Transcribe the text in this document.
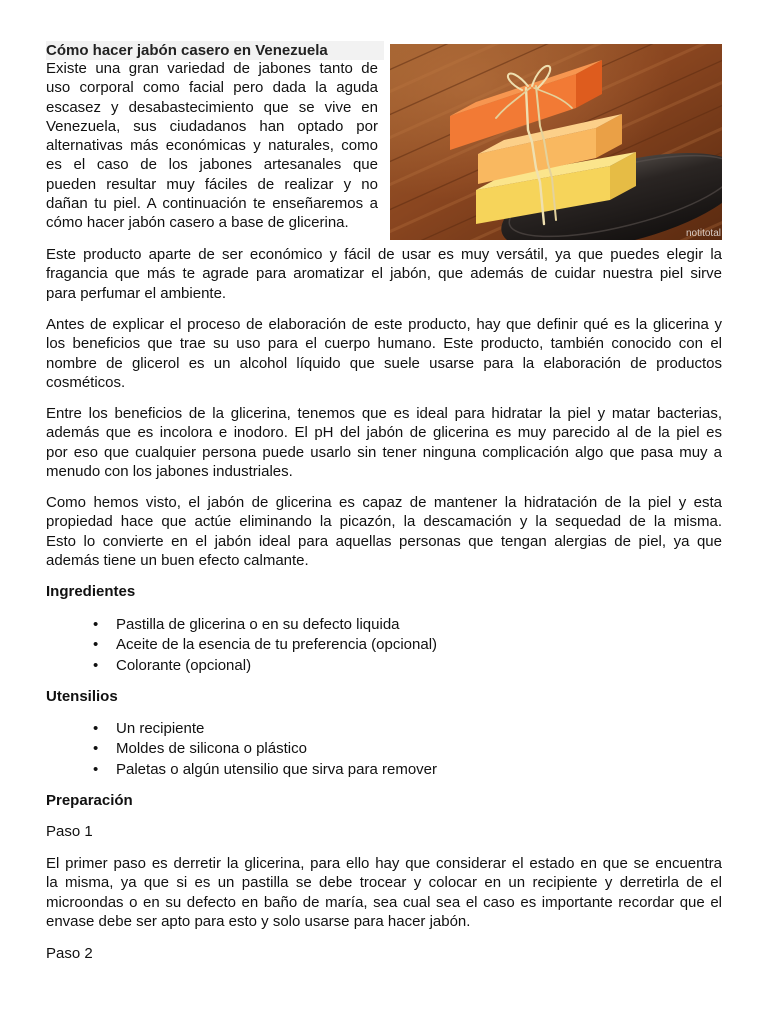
Cómo hacer jabón casero en Venezuela
Existe una gran variedad de jabones tanto de
uso corporal como facial pero dada la aguda
escasez y desabastecimiento que se vive en
Venezuela, sus ciudadanos han optado por
alternativas más económicas y naturales, como
es el caso de los jabones artesanales que
pueden resultar muy fáciles de realizar y no
dañan tu piel. A continuación te enseñaremos a
cómo hacer jabón casero a base de glicerina.
notitotal
Este producto aparte de ser económico y fácil de usar es muy versátil, ya que puedes elegir la
fragancia que más te agrade para aromatizar el jabón, que además de cuidar nuestra piel sirve
para perfumar el ambiente.
Antes de explicar el proceso de elaboración de este producto, hay que definir qué es la glicerina y
los beneficios que trae su uso para el cuerpo humano. Este producto, también conocido con el
nombre de glicerol es un alcohol líquido que suele usarse para la elaboración de productos
cosméticos.
Entre los beneficios de la glicerina, tenemos que es ideal para hidratar la piel y matar bacterias,
además que es incolora e inodoro. El pH del jabón de glicerina es muy parecido al de la piel es
por eso que cualquier persona puede usarlo sin tener ninguna complicación algo que pasa muy a
menudo con los jabones industriales.
Como hemos visto, el jabón de glicerina es capaz de mantener la hidratación de la piel y esta
propiedad hace que actúe eliminando la picazón, la descamación y la sequedad de la misma.
Esto lo convierte en el jabón ideal para aquellas personas que tengan alergias de piel, ya que
además tiene un buen efecto calmante.
Ingredientes
• Pastilla de glicerina o en su defecto liquida
• Aceite de la esencia de tu preferencia (opcional)
• Colorante (opcional)
Utensilios
• Un recipiente
• Moldes de silicona o plástico
• Paletas o algún utensilio que sirva para remover
Preparación
Paso 1
El primer paso es derretir la glicerina, para ello hay que considerar el estado en que se encuentra
la misma, ya que si es un pastilla se debe trocear y colocar en un recipiente y derretirla de el
microondas o en su defecto en baño de maría, sea cual sea el caso es importante recordar que el
envase debe ser apto para esto y solo usarse para hacer jabón.
Paso 2
